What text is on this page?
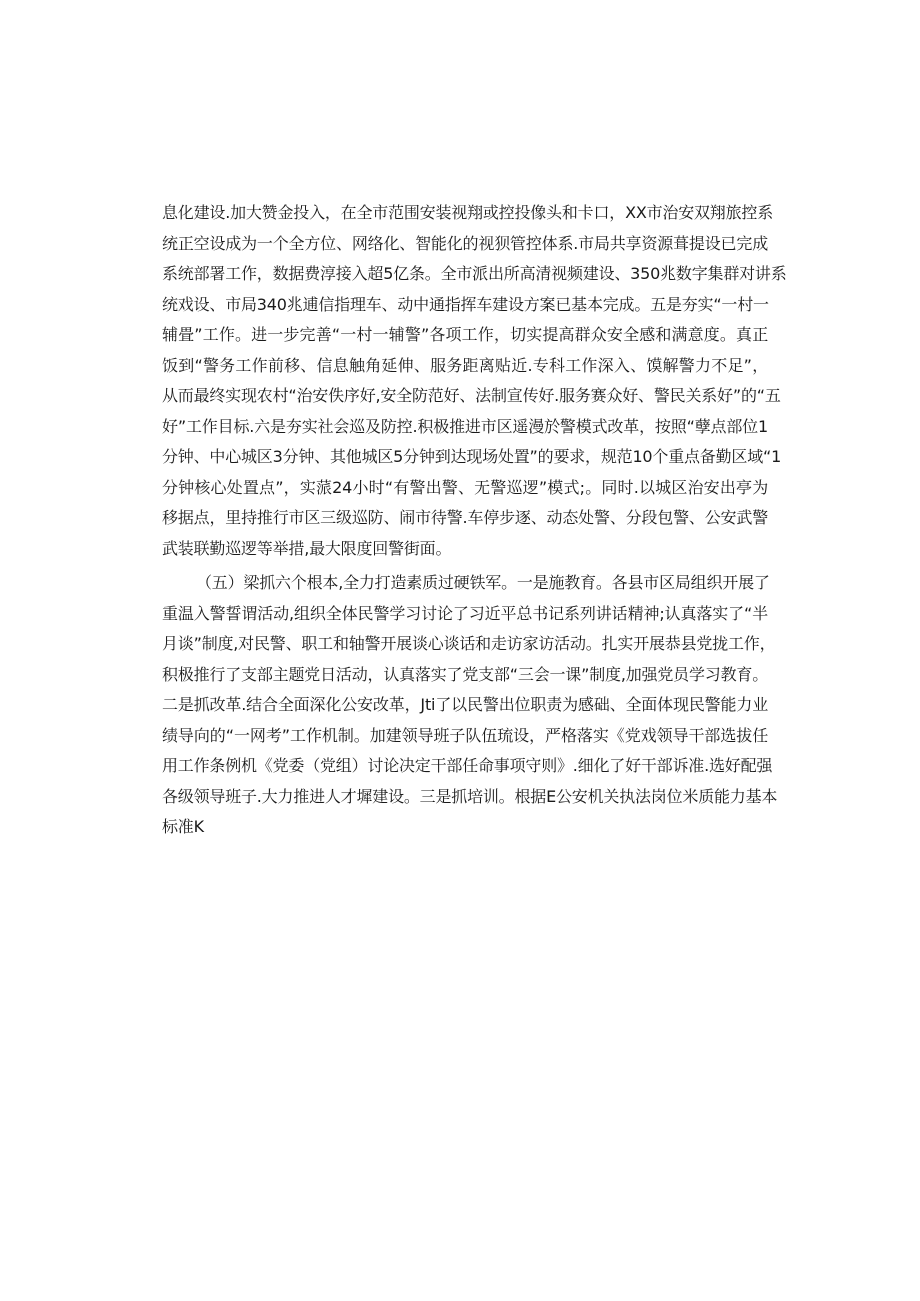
息化建设.加大赞金投入，在全市范围安装视翔或控投像头和卡口，XX市治安双翔旅控系
统正空设成为一个全方位、网络化、智能化的视狈管控体系.市局共享资源葺提设已完成
系统部署工作，数据费淳接入超5亿条。全市派出所高清视频建设、350兆数字集群对讲系
统戏设、市局340兆逋信指理车、动中通指挥车建设方案已基本完成。五是夯实“一村一
辅畳”工作。进一步完善“一村一辅警”各项工作，切实提高群众安全感和满意度。真正
饭到“警务工作前移、信息触角延伸、服务距离贴近.专科工作深入、馍解警力不足”，
从而最终实现农村“治安佚序好,安全防范好、法制宣传好.服务赛众好、警民关系好”的“五
好”工作目标.六是夯实社会巡及防控.积极推进市区遥漫於警模式改革，按照“孽点部位1
分钟、中心城区3分钟、其他城区5分钟到达现场处置”的要求，规范10个重点备勤区域“1
分钟核心处置点”，实蒎24小时“有警出警、无警巡逻”模式;。同时.以城区治安出亭为
移据点，里持推行市区三级巡防、闹市待警.车停步逐、动态处警、分段包警、公安武警
武装联勤巡逻等举措,最大限度回警街面。
（五）梁抓六个根本,全力打造素质过硬铁军。一是施教育。各县市区局组织开展了
重温入警誓谓活动,组织全体民警学习讨论了习近平总书记系列讲话精神;认真落实了“半
月谈”制度,对民警、职工和轴警开展谈心谈话和走访家访活动。扎实开展恭县党拢工作，
积极推行了支部主题党日活动，认真落实了党支部“三会一课”制度,加强党员学习教育。
二是抓改革.结合全面深化公安改革，Jti了以民警出位职责为感础、全面体现民警能力业
绩导向的“一网考”工作机制。加建领导班子队伍琉设，严格落实《党戏领导干部选拔任
用工作条例机《党委（党组）讨论决定干部任命事项守则》.细化了好干部诉准.选好配强
各级领导班子.大力推进人才墀建设。三是抓培训。根据E公安机关执法岗位米质能力基本
标准K
